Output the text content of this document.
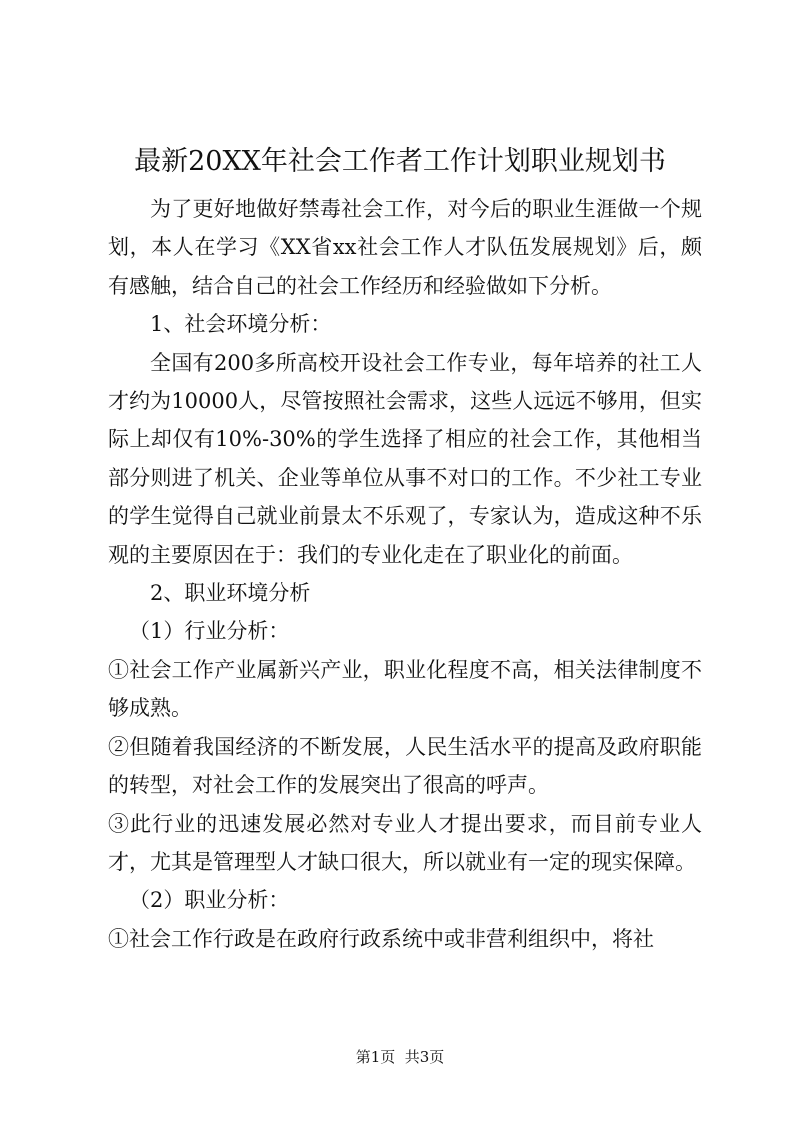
最新20XX年社会工作者工作计划职业规划书

为了更好地做好禁毒社会工作，对今后的职业生涯做一个规划，本人在学习《XX省xx社会工作人才队伍发展规划》后，颇有感触，结合自己的社会工作经历和经验做如下分析。

1、社会环境分析：

全国有200多所高校开设社会工作专业，每年培养的社工人才约为10000人，尽管按照社会需求，这些人远远不够用，但实际上却仅有10%-30%的学生选择了相应的社会工作，其他相当部分则进了机关、企业等单位从事不对口的工作。不少社工专业的学生觉得自己就业前景太不乐观了，专家认为，造成这种不乐观的主要原因在于：我们的专业化走在了职业化的前面。

2、职业环境分析

（1）行业分析：

①社会工作产业属新兴产业，职业化程度不高，相关法律制度不够成熟。

②但随着我国经济的不断发展，人民生活水平的提高及政府职能的转型，对社会工作的发展突出了很高的呼声。

③此行业的迅速发展必然对专业人才提出要求，而目前专业人才，尤其是管理型人才缺口很大，所以就业有一定的现实保障。

（2）职业分析：

①社会工作行政是在政府行政系统中或非营利组织中，将社

第1页  共3页
